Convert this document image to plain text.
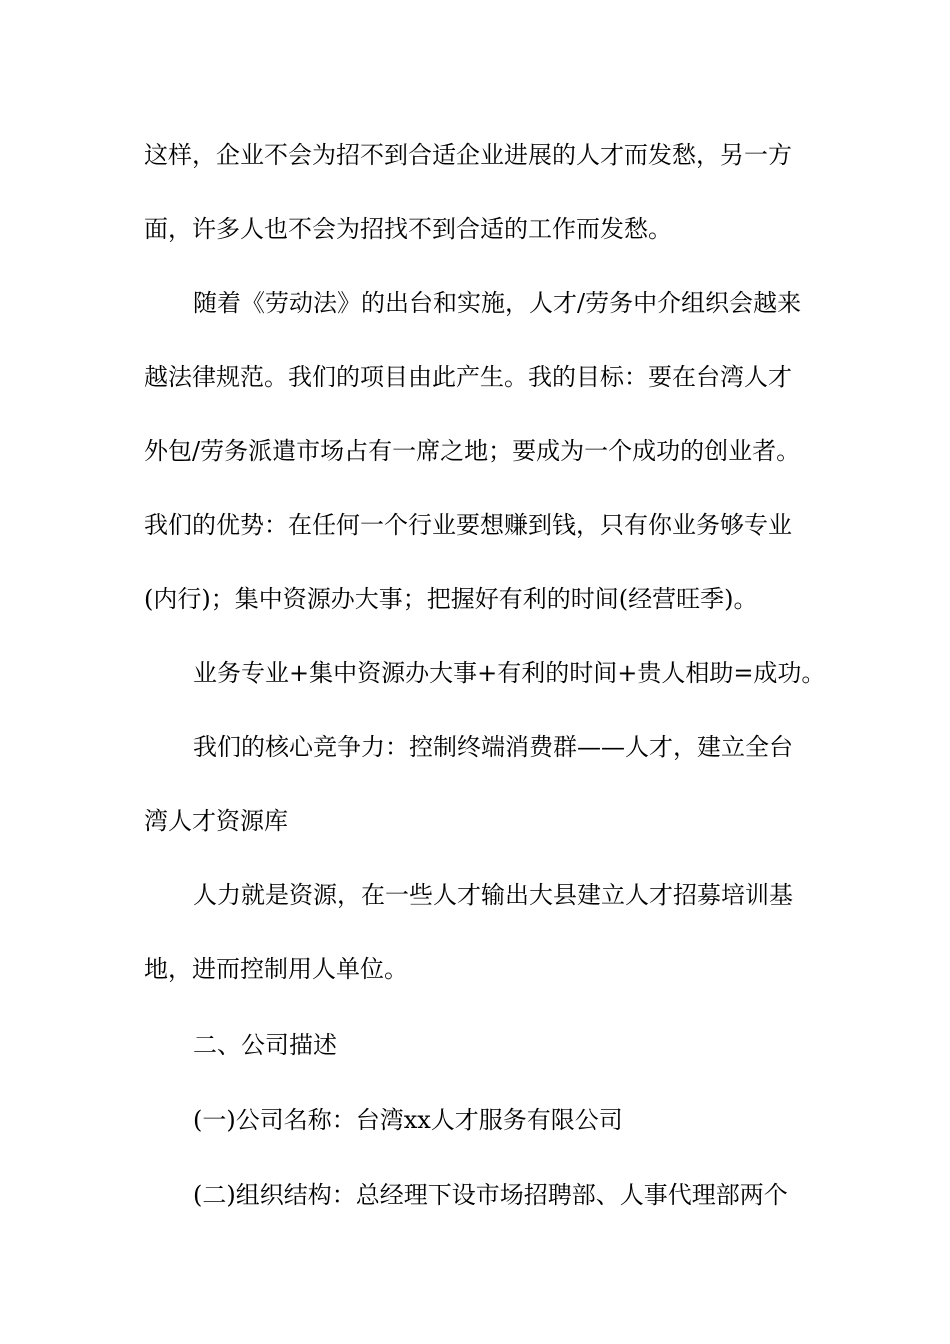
这样，企业不会为招不到合适企业进展的人才而发愁，另一方
面，许多人也不会为招找不到合适的工作而发愁。
随着《劳动法》的出台和实施，人才/劳务中介组织会越来
越法律规范。我们的项目由此产生。我的目标：要在台湾人才
外包/劳务派遣市场占有一席之地；要成为一个成功的创业者。
我们的优势：在任何一个行业要想赚到钱，只有你业务够专业
(内行)；集中资源办大事；把握好有利的时间(经营旺季)。
业务专业+集中资源办大事+有利的时间+贵人相助=成功。
我们的核心竞争力：控制终端消费群——人才，建立全台
湾人才资源库
人力就是资源，在一些人才输出大县建立人才招募培训基
地，进而控制用人单位。
二、公司描述
(一)公司名称：台湾xx人才服务有限公司
(二)组织结构：总经理下设市场招聘部、人事代理部两个
